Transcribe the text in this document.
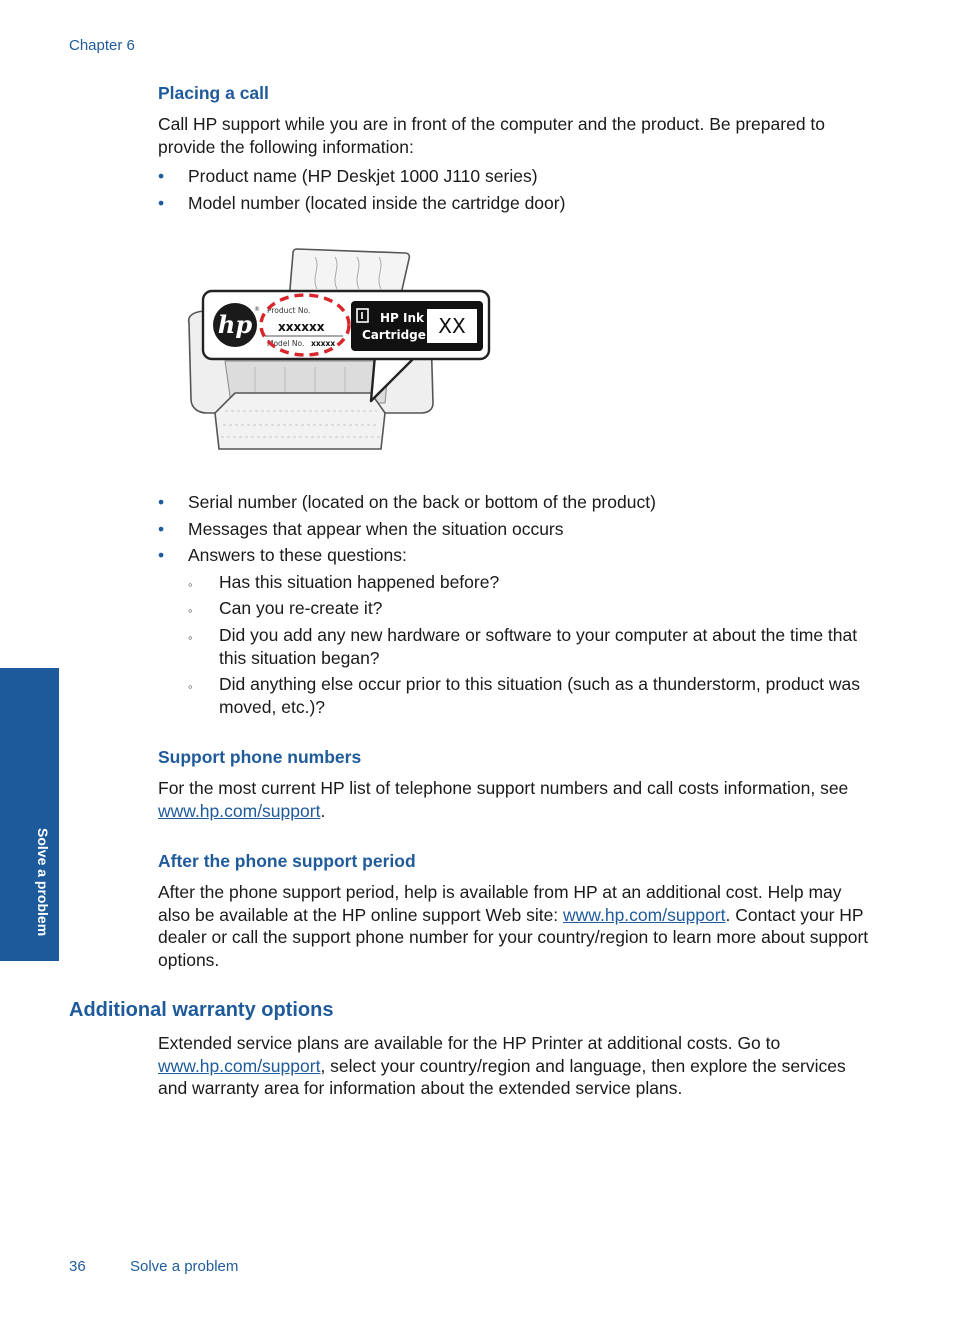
Chapter 6
Placing a call
Call HP support while you are in front of the computer and the product. Be prepared to provide the following information:
• Product name (HP Deskjet 1000 J110 series)
• Model number (located inside the cartridge door)
hp
® Product No.
xxxxxx
Model No. xxxxx
HP Ink
Cartridge XX
• Serial number (located on the back or bottom of the product)
• Messages that appear when the situation occurs
• Answers to these questions:
◦ Has this situation happened before?
◦ Can you re-create it?
◦ Did you add any new hardware or software to your computer at about the time that this situation began?
◦ Did anything else occur prior to this situation (such as a thunderstorm, product was moved, etc.)?
Support phone numbers
For the most current HP list of telephone support numbers and call costs information, see www.hp.com/support.
After the phone support period
After the phone support period, help is available from HP at an additional cost. Help may also be available at the HP online support Web site: www.hp.com/support. Contact your HP dealer or call the support phone number for your country/region to learn more about support options.
Additional warranty options
Extended service plans are available for the HP Printer at additional costs. Go to www.hp.com/support, select your country/region and language, then explore the services and warranty area for information about the extended service plans.
Solve a problem
36	Solve a problem
